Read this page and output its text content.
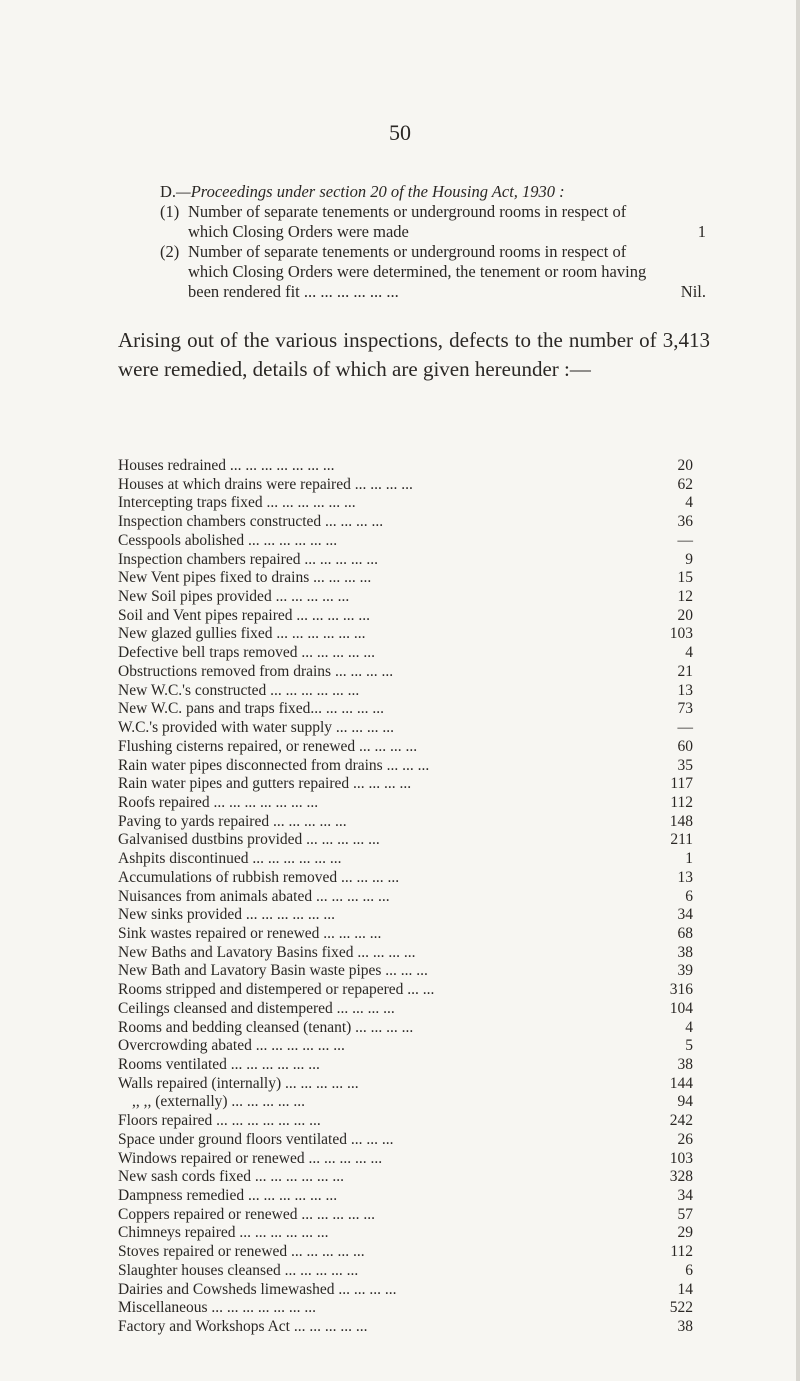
50
D.—Proceedings under section 20 of the Housing Act, 1930 :
(1) Number of separate tenements or underground rooms in respect of which Closing Orders were made	1
(2) Number of separate tenements or underground rooms in respect of which Closing Orders were determined, the tenement or room having been rendered fit ... ... ... ... ... ...	Nil.
Arising out of the various inspections, defects to the number of 3,413 were remedied, details of which are given hereunder :—
Houses redrained ... ... ... ... ... ... ...	20
Houses at which drains were repaired ... ... ... ...	62
Intercepting traps fixed ... ... ... ... ... ...	4
Inspection chambers constructed ... ... ... ...	36
Cesspools abolished ... ... ... ... ... ...	—
Inspection chambers repaired ... ... ... ... ...	9
New Vent pipes fixed to drains ... ... ... ...	15
New Soil pipes provided ... ... ... ... ...	12
Soil and Vent pipes repaired ... ... ... ... ...	20
New glazed gullies fixed ... ... ... ... ... ...	103
Defective bell traps removed ... ... ... ... ...	4
Obstructions removed from drains ... ... ... ...	21
New W.C.'s constructed ... ... ... ... ... ...	13
New W.C. pans and traps fixed... ... ... ... ...	73
W.C.'s provided with water supply ... ... ... ...	—
Flushing cisterns repaired, or renewed ... ... ... ...	60
Rain water pipes disconnected from drains ... ... ...	35
Rain water pipes and gutters repaired ... ... ... ...	117
Roofs repaired ... ... ... ... ... ... ...	112
Paving to yards repaired ... ... ... ... ...	148
Galvanised dustbins provided ... ... ... ... ...	211
Ashpits discontinued ... ... ... ... ... ...	1
Accumulations of rubbish removed ... ... ... ...	13
Nuisances from animals abated ... ... ... ... ...	6
New sinks provided ... ... ... ... ... ...	34
Sink wastes repaired or renewed ... ... ... ...	68
New Baths and Lavatory Basins fixed ... ... ... ...	38
New Bath and Lavatory Basin waste pipes ... ... ...	39
Rooms stripped and distempered or repapered ... ...	316
Ceilings cleansed and distempered ... ... ... ...	104
Rooms and bedding cleansed (tenant) ... ... ... ...	4
Overcrowding abated ... ... ... ... ... ...	5
Rooms ventilated ... ... ... ... ... ...	38
Walls repaired (internally) ... ... ... ... ...	144
,, ,, (externally) ... ... ... ... ...	94
Floors repaired ... ... ... ... ... ... ...	242
Space under ground floors ventilated ... ... ...	26
Windows repaired or renewed ... ... ... ... ...	103
New sash cords fixed ... ... ... ... ... ...	328
Dampness remedied ... ... ... ... ... ...	34
Coppers repaired or renewed ... ... ... ... ...	57
Chimneys repaired ... ... ... ... ... ...	29
Stoves repaired or renewed ... ... ... ... ...	112
Slaughter houses cleansed ... ... ... ... ...	6
Dairies and Cowsheds limewashed ... ... ... ...	14
Miscellaneous ... ... ... ... ... ... ...	522
Factory and Workshops Act ... ... ... ... ...	38
